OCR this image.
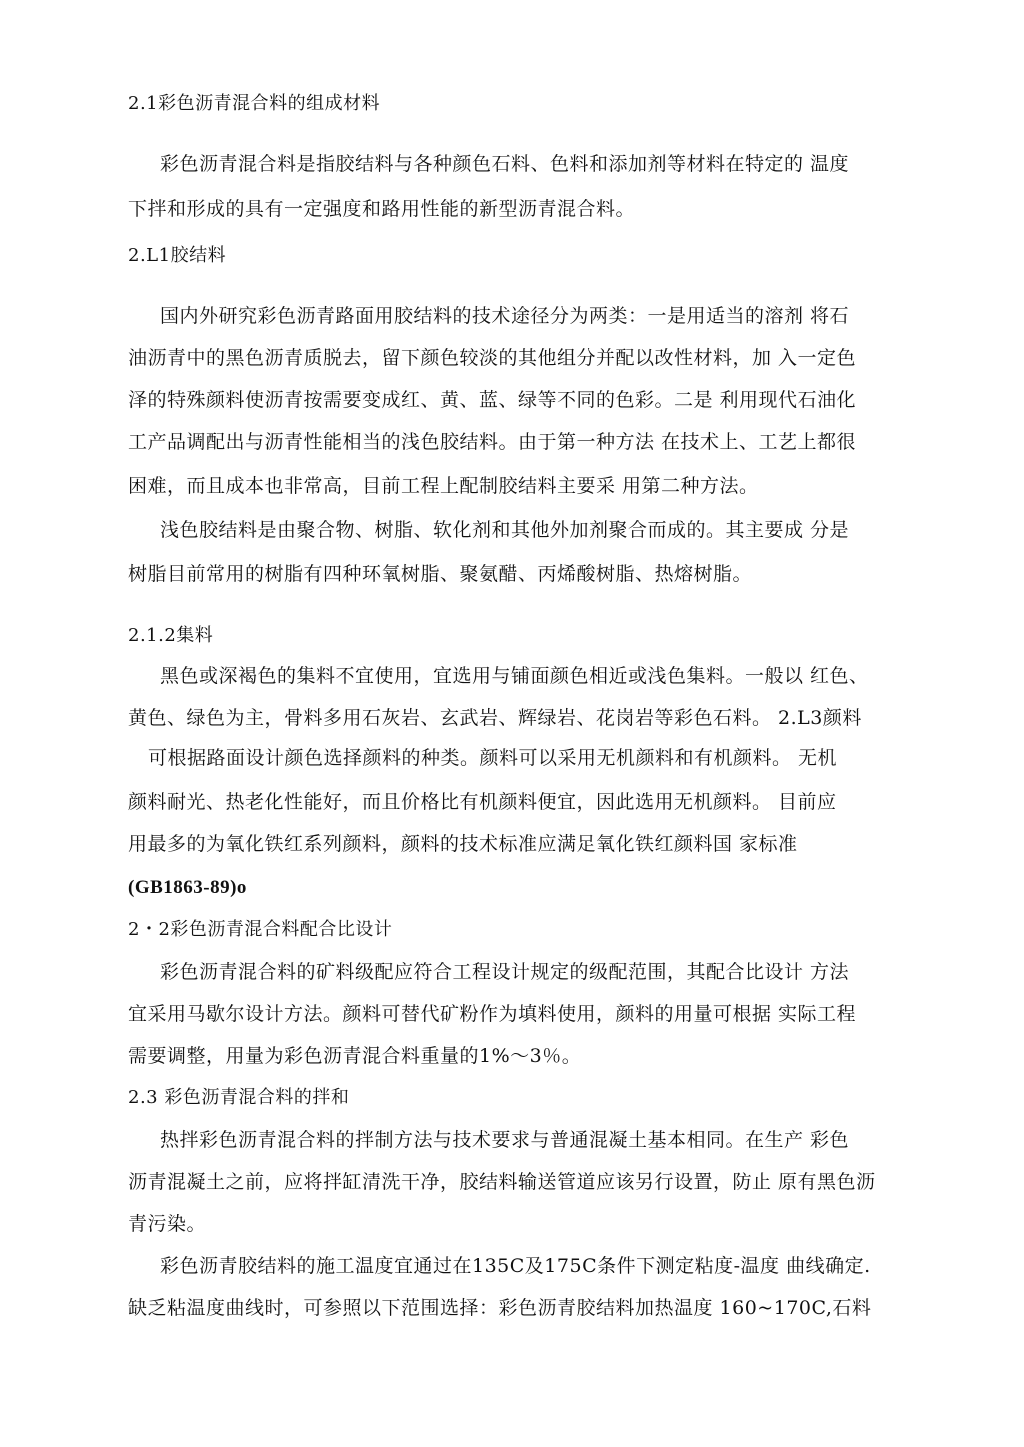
2.1彩色沥青混合料的组成材料
彩色沥青混合料是指胶结料与各种颜色石料、色料和添加剂等材料在特定的 温度
下拌和形成的具有一定强度和路用性能的新型沥青混合料。
2.L1胶结料
国内外研究彩色沥青路面用胶结料的技术途径分为两类：一是用适当的溶剂 将石
油沥青中的黑色沥青质脱去，留下颜色较淡的其他组分并配以改性材料，加 入一定色
泽的特殊颜料使沥青按需要变成红、黄、蓝、绿等不同的色彩。二是 利用现代石油化
工产品调配出与沥青性能相当的浅色胶结料。由于第一种方法 在技术上、工艺上都很
困难，而且成本也非常高，目前工程上配制胶结料主要采 用第二种方法。
浅色胶结料是由聚合物、树脂、软化剂和其他外加剂聚合而成的。其主要成 分是
树脂目前常用的树脂有四种环氧树脂、聚氨醋、丙烯酸树脂、热熔树脂。
2.1.2集料
黑色或深褐色的集料不宜使用，宜选用与铺面颜色相近或浅色集料。一般以 红色、
黄色、绿色为主，骨料多用石灰岩、玄武岩、辉绿岩、花岗岩等彩色石料。 2.L3颜料
可根据路面设计颜色选择颜料的种类。颜料可以采用无机颜料和有机颜料。 无机
颜料耐光、热老化性能好，而且价格比有机颜料便宜，因此选用无机颜料。 目前应
用最多的为氧化铁红系列颜料，颜料的技术标准应满足氧化铁红颜料国 家标准
(GB1863-89)o
2・2彩色沥青混合料配合比设计
彩色沥青混合料的矿料级配应符合工程设计规定的级配范围，其配合比设计 方法
宜采用马歇尔设计方法。颜料可替代矿粉作为填料使用，颜料的用量可根据 实际工程
需要调整，用量为彩色沥青混合料重量的1%～3％。
2.3 彩色沥青混合料的拌和
热拌彩色沥青混合料的拌制方法与技术要求与普通混凝土基本相同。在生产 彩色
沥青混凝土之前，应将拌缸清洗干净，胶结料输送管道应该另行设置，防止 原有黑色沥
青污染。
彩色沥青胶结料的施工温度宜通过在135C及175C条件下测定粘度-温度 曲线确定.
缺乏粘温度曲线时，可参照以下范围选择：彩色沥青胶结料加热温度 160~170C,石料
